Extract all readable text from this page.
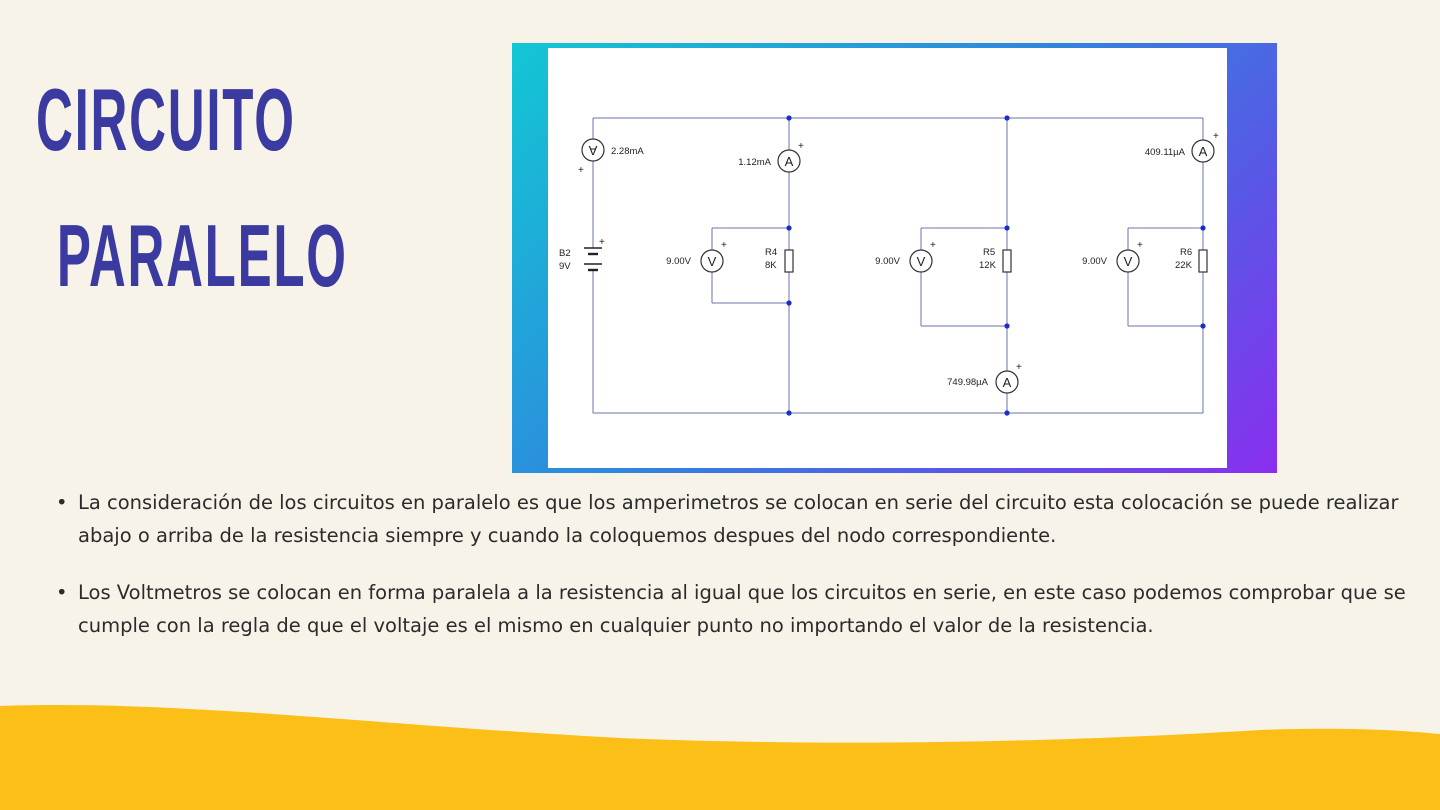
CIRCUITO
PARALELO	+
B2
9V
A
+
2.28mA
A
+
1.12mA
A
+
409.11µA
A
+
749.98µA
V
+
9.00V	V
+
9.00V	V
+
9.00V
R4
8K
R5
12K
R6
22K
• La consideración de los circuitos en paralelo es que los amperimetros se colocan en serie del circuito esta colocación se puede realizar abajo o arriba de la resistencia siempre y cuando la coloquemos despues del nodo correspondiente.
• Los Voltmetros se colocan en forma paralela a la resistencia al igual que los circuitos en serie, en este caso podemos comprobar que se cumple con la regla de que el voltaje es el mismo en cualquier punto no importando el valor de la resistencia.
